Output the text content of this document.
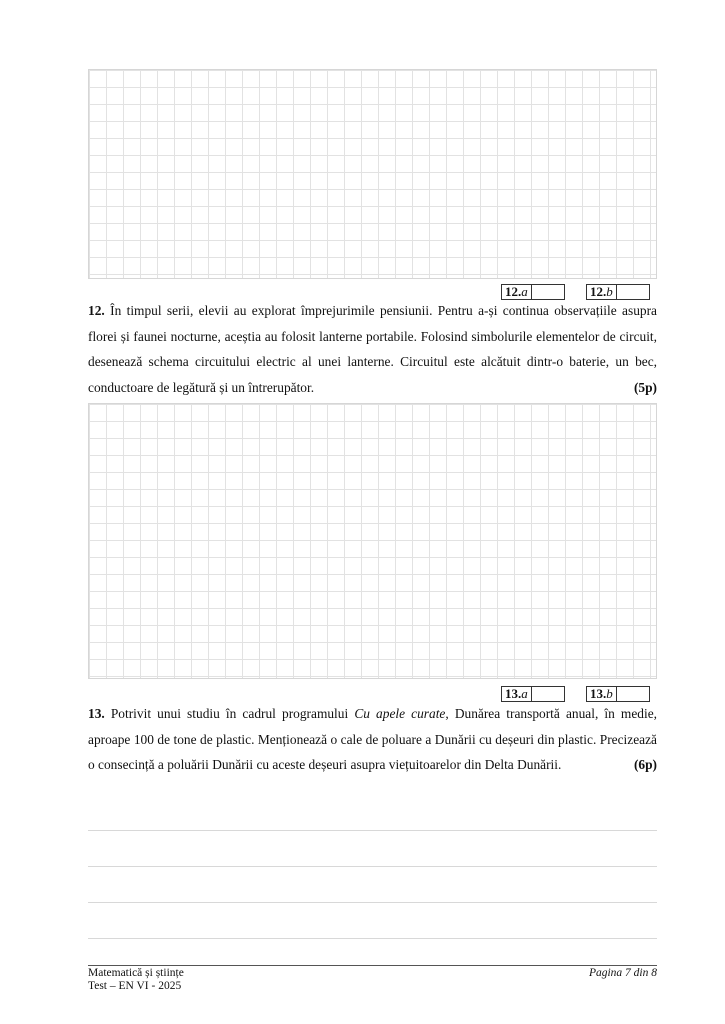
12.a	12.b

12. În timpul serii, elevii au explorat împrejurimile pensiunii. Pentru a-și continua observațiile asupra florei și faunei nocturne, aceștia au folosit lanterne portabile. Folosind simbolurile elementelor de circuit, desenează schema circuitului electric al unei lanterne. Circuitul este alcătuit dintr-o baterie, un bec, conductoare de legătură și un întrerupător.	(5p)

13.a	13.b

13. Potrivit unui studiu în cadrul programului Cu apele curate, Dunărea transportă anual, în medie, aproape 100 de tone de plastic. Menționează o cale de poluare a Dunării cu deșeuri din plastic. Precizează o consecință a poluării Dunării cu aceste deșeuri asupra viețuitoarelor din Delta Dunării.	(6p)

Matematică și științe
Test – EN VI - 2025
Pagina 7 din 8
